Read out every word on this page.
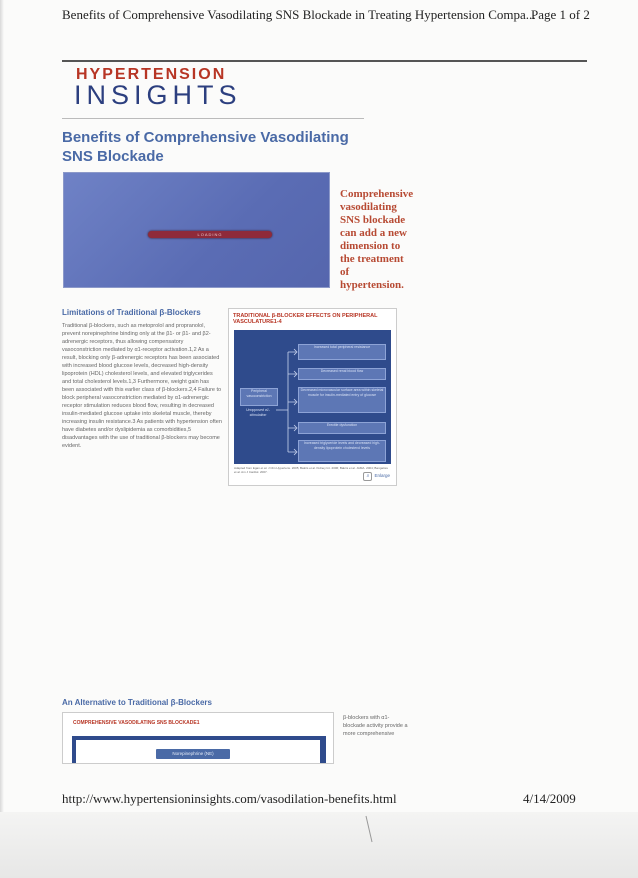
Benefits of Comprehensive Vasodilating SNS Blockade in Treating Hypertension Compa...
Page 1 of 2
HYPERTENSION
INSIGHTS
Benefits of Comprehensive Vasodilating SNS Blockade
LOADING
Comprehensive vasodilating SNS blockade can add a new dimension to the treatment of hypertension.
Limitations of Traditional β-Blockers
Traditional β-blockers, such as metoprolol and propranolol, prevent norepinephrine binding only at the β1- or β1- and β2-adrenergic receptors, thus allowing compensatory vasoconstriction mediated by α1-receptor activation.1,2 As a result, blocking only β-adrenergic receptors has been associated with increased blood glucose levels, decreased high-density lipoprotein (HDL) cholesterol levels, and elevated triglycerides and total cholesterol levels.1,3 Furthermore, weight gain has been associated with this earlier class of β-blockers.2,4 Failure to block peripheral vasoconstriction mediated by α1-adrenergic receptor stimulation reduces blood flow, resulting in decreased insulin-mediated glucose uptake into skeletal muscle, thereby increasing insulin resistance.3 As patients with hypertension often have diabetes and/or dyslipidemia as comorbidities,5 disadvantages with the use of traditional β-blockers may become evident.
TRADITIONAL β-BLOCKER EFFECTS ON PERIPHERAL VASCULATURE1-4
Peripheral vasoconstriction
Unopposed α1-stimulation
Increased total peripheral resistance
Decreased renal blood flow
Decreased microvascular surface area within skeletal muscle for insulin-mediated entry of glucose
Erectile dysfunction
Increased triglyceride levels and decreased high-density lipoprotein cholesterol levels
Adapted from Egan et al. J Clin Hypertens. 2005; Bakris et al. Kidney Int. 2006; Bakris et al. JAMA. 2004; Bangalore et al. Am J Cardiol. 2007.
⌕ Enlarge
An Alternative to Traditional β-Blockers
COMPREHENSIVE VASODILATING SNS BLOCKADE1
Norepinephrine (NE)
β-blockers with α1-blockade activity provide a more comprehensive
http://www.hypertensioninsights.com/vasodilation-benefits.html	4/14/2009
